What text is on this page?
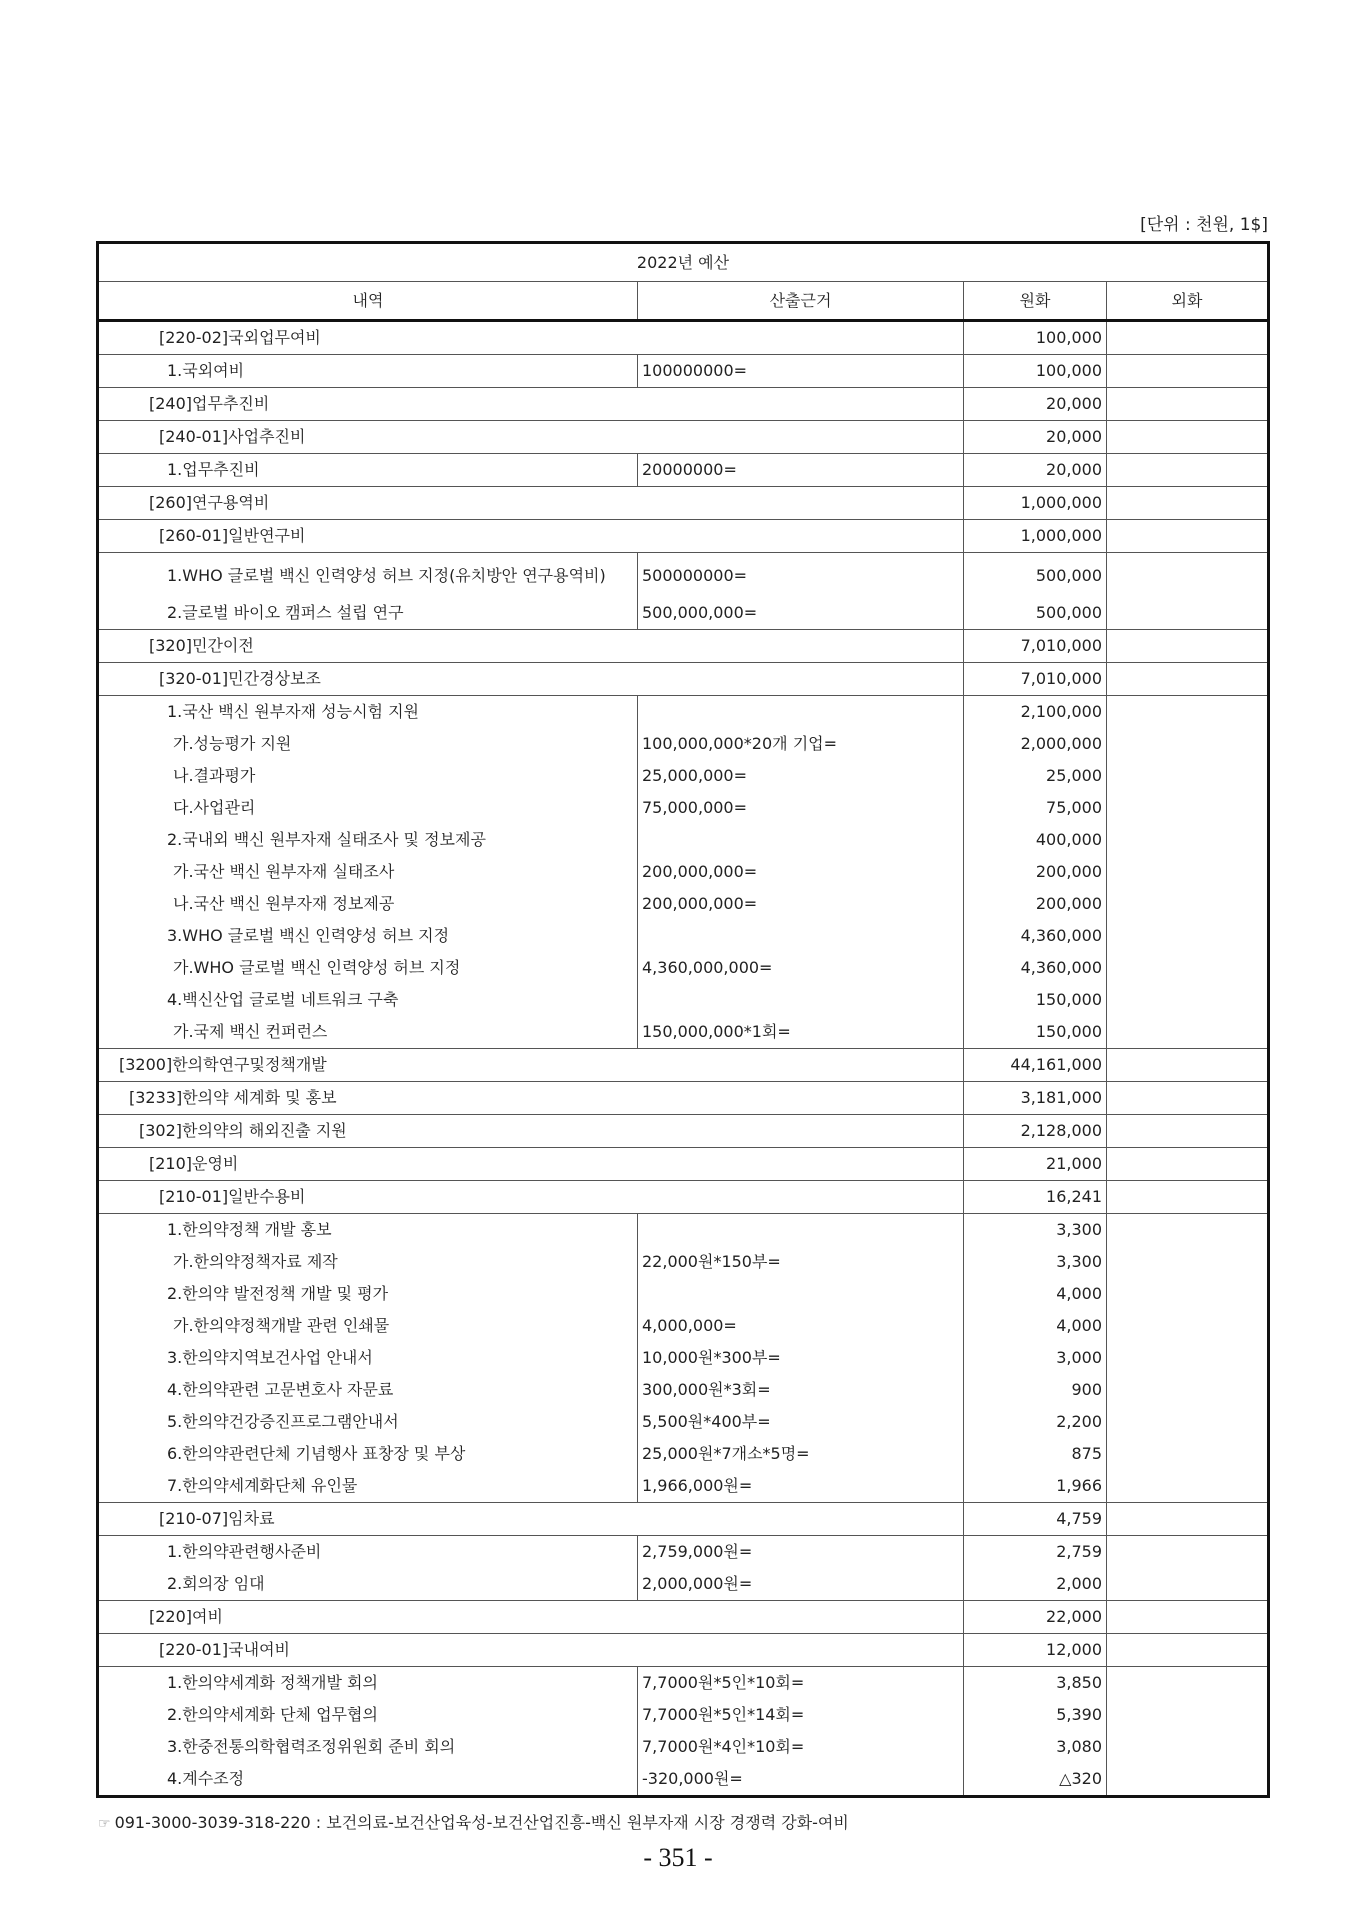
[단위 : 천원, 1$]
2022년 예산			
내역	산출근거	원화	외화
[220-02]국외업무여비		100,000	
1.국외여비	100000000=	100,000	
[240]업무추진비		20,000	
[240-01]사업추진비		20,000	
1.업무추진비	20000000=	20,000	
[260]연구용역비		1,000,000	
[260-01]일반연구비		1,000,000	
1.WHO 글로벌 백신 인력양성 허브 지정(유치방안 연구용역비)	500000000=	500,000	
2.글로벌 바이오 캠퍼스 설립 연구	500,000,000=	500,000	
[320]민간이전		7,010,000	
[320-01]민간경상보조		7,010,000	
1.국산 백신 원부자재 성능시험 지원		2,100,000	
가.성능평가 지원	100,000,000*20개 기업=	2,000,000	
나.결과평가	25,000,000=	25,000	
다.사업관리	75,000,000=	75,000	
2.국내외 백신 원부자재 실태조사 및 정보제공		400,000	
가.국산 백신 원부자재 실태조사	200,000,000=	200,000	
나.국산 백신 원부자재 정보제공	200,000,000=	200,000	
3.WHO 글로벌 백신 인력양성 허브 지정		4,360,000	
가.WHO 글로벌 백신 인력양성 허브 지정	4,360,000,000=	4,360,000	
4.백신산업 글로벌 네트워크 구축		150,000	
가.국제 백신 컨퍼런스	150,000,000*1회=	150,000	
[3200]한의학연구및정책개발		44,161,000	
[3233]한의약 세계화 및 홍보		3,181,000	
[302]한의약의 해외진출 지원		2,128,000	
[210]운영비		21,000	
[210-01]일반수용비		16,241	
1.한의약정책 개발 홍보		3,300	
가.한의약정책자료 제작	22,000원*150부=	3,300	
2.한의약 발전정책 개발 및 평가		4,000	
가.한의약정책개발 관련 인쇄물	4,000,000=	4,000	
3.한의약지역보건사업 안내서	10,000원*300부=	3,000	
4.한의약관련 고문변호사 자문료	300,000원*3회=	900	
5.한의약건강증진프로그램안내서	5,500원*400부=	2,200	
6.한의약관련단체 기념행사 표창장 및 부상	25,000원*7개소*5명=	875	
7.한의약세계화단체 유인물	1,966,000원=	1,966	
[210-07]임차료		4,759	
1.한의약관련행사준비	2,759,000원=	2,759	
2.회의장 임대	2,000,000원=	2,000	
[220]여비		22,000	
[220-01]국내여비		12,000	
1.한의약세계화 정책개발 회의	7,7000원*5인*10회=	3,850	
2.한의약세계화 단체 업무협의	7,7000원*5인*14회=	5,390	
3.한중전통의학협력조정위원회 준비 회의	7,7000원*4인*10회=	3,080	
4.계수조정	-320,000원=	△320	
☞ 091-3000-3039-318-220 : 보건의료-보건산업육성-보건산업진흥-백신 원부자재 시장 경쟁력 강화-여비
- 351 -
